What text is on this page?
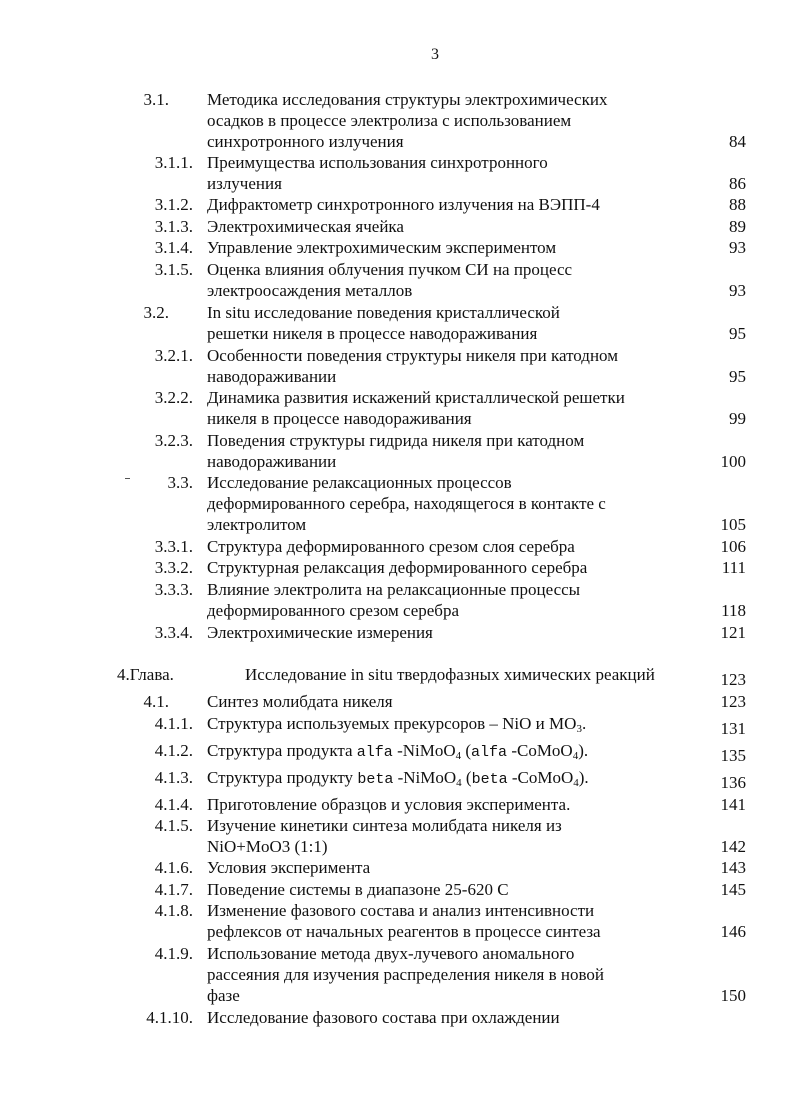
3
3.1. Методика исследования структуры электрохимических
осадков в процессе электролиза с использованием
синхротронного излучения	84
3.1.1. Преимущества использования синхротронного
излучения	86
3.1.2. Дифрактометр синхротронного излучения на ВЭПП-4	88
3.1.3. Электрохимическая ячейка	89
3.1.4. Управление электрохимическим экспериментом	93
3.1.5. Оценка влияния облучения пучком СИ на процесс
электроосаждения металлов	93
3.2. In situ исследование поведения кристаллической
решетки никеля в процессе наводораживания	95
3.2.1. Особенности поведения структуры никеля при катодном
наводораживании	95
3.2.2. Динамика развития искажений кристаллической решетки
никеля в процессе наводораживания	99
3.2.3. Поведения структуры гидрида никеля при катодном
наводораживании	100
3.3. Исследование релаксационных процессов
деформированного серебра, находящегося в контакте с
электролитом	105
3.3.1. Структура деформированного срезом слоя серебра	106
3.3.2. Структурная релаксация деформированного серебра	111
3.3.3. Влияние электролита на релаксационные процессы
деформированного срезом серебра	118
3.3.4. Электрохимические измерения	121
4.Глава.	Исследование in situ твердофазных химических реакций	123
4.1. Синтез молибдата никеля	123
4.1.1. Структура используемых прекурсоров – NiO и $MO_3$.	131
4.1.2. Структура продукта alfa -NiMoO$_4$ (alfa -CoMoO$_4$).	135
4.1.3. Структура продукту beta -NiMoO$_4$ (beta -CoMoO$_4$).	136
4.1.4. Приготовление образцов и условия эксперимента.	141
4.1.5. Изучение кинетики синтеза молибдата никеля из
NiO+MoO3 (1:1)	142
4.1.6. Условия эксперимента	143
4.1.7. Поведение системы в диапазоне 25-620 С	145
4.1.8. Изменение фазового состава и анализ интенсивности
рефлексов от начальных реагентов в процессе синтеза	146
4.1.9. Использование метода двух-лучевого аномального
рассеяния для изучения распределения никеля в новой
фазе	150
4.1.10. Исследование фазового состава при охлаждении
